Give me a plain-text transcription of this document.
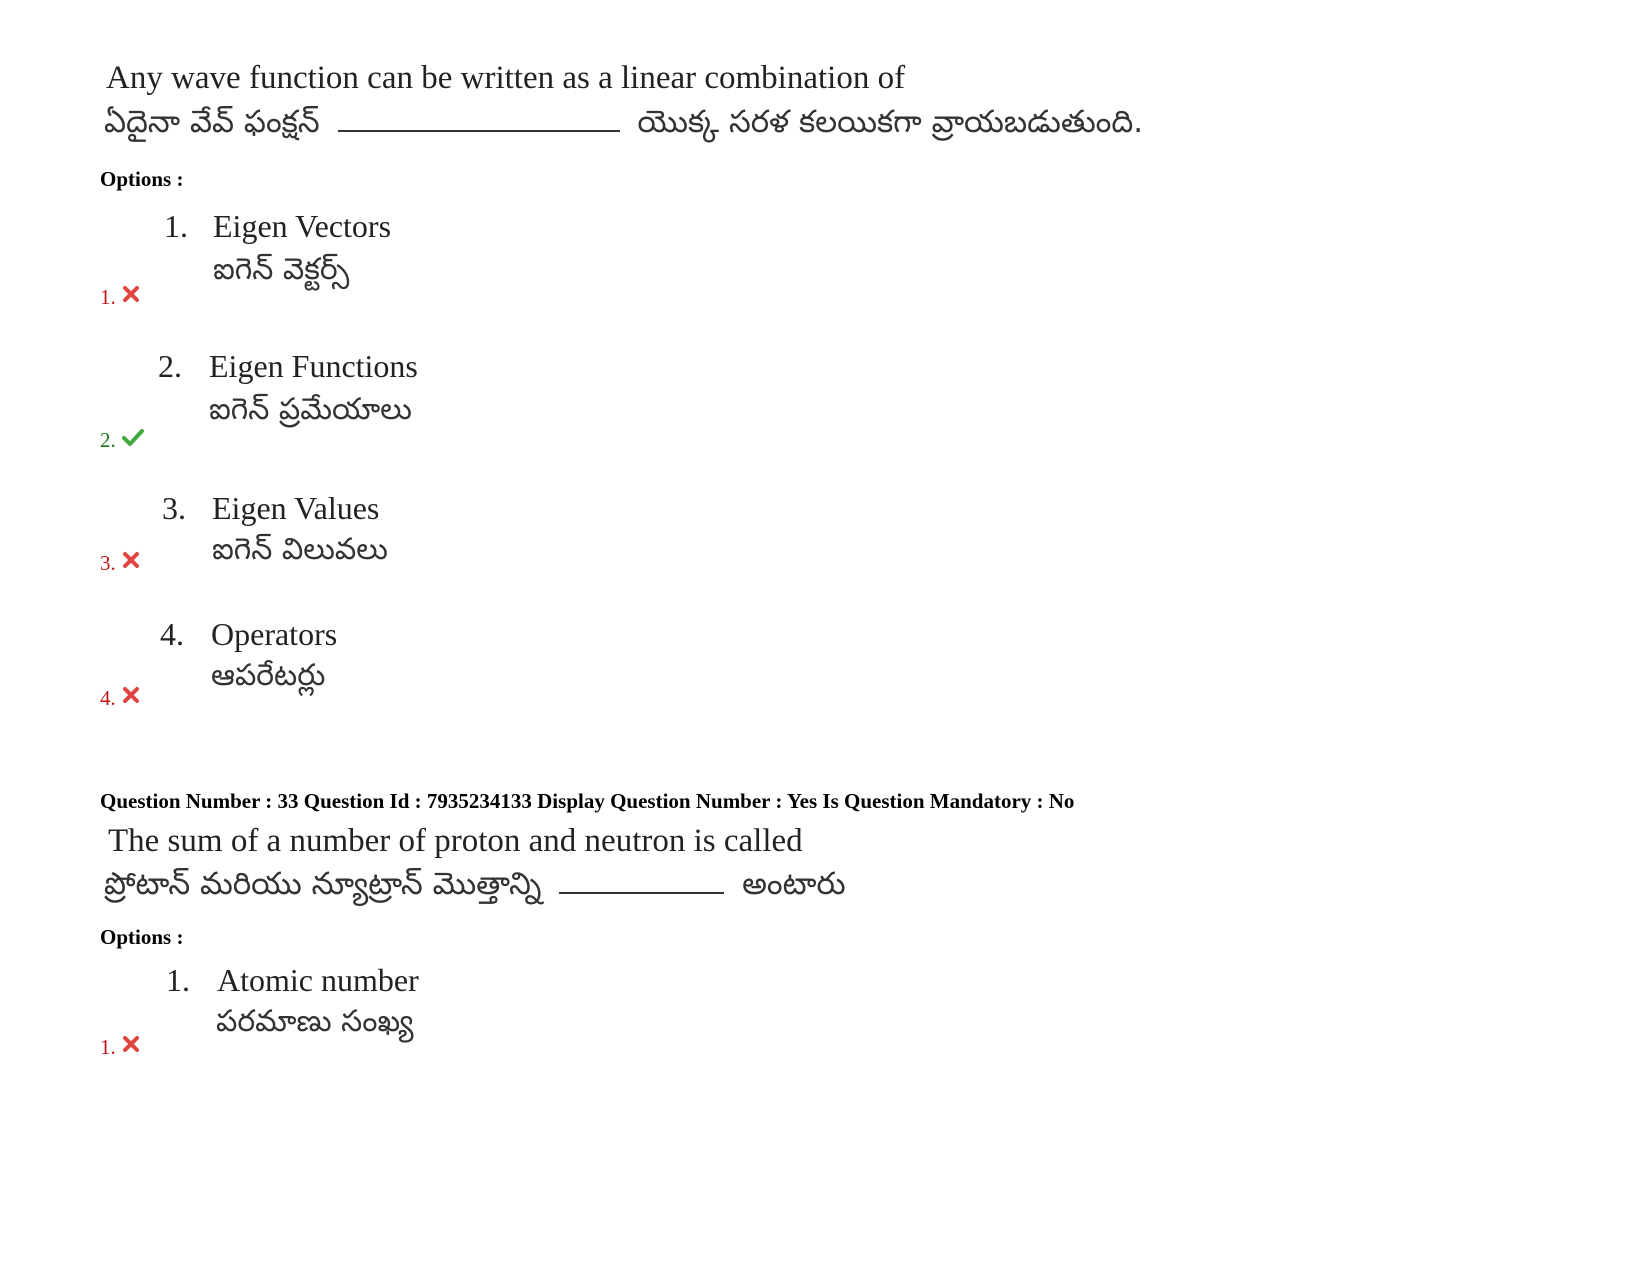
Any wave function can be written as a linear combination of
ఏదైనా వేవ్ ఫంక్షన్	యొక్క సరళ కలయికగా వ్రాయబడుతుంది.
Options :
1. Eigen Vectors
ఐగెన్ వెక్టర్స్
1.
2. Eigen Functions
ఐగెన్ ప్రమేయాలు
2.
3. Eigen Values
ఐగెన్ విలువలు
3.
4. Operators
ఆపరేటర్లు
4.
Question Number : 33 Question Id : 7935234133 Display Question Number : Yes Is Question Mandatory : No
The sum of a number of proton and neutron is called
ప్రోటాన్ మరియు న్యూట్రాన్ మొత్తాన్ని	అంటారు
Options :
1. Atomic number
పరమాణు సంఖ్య
1.
